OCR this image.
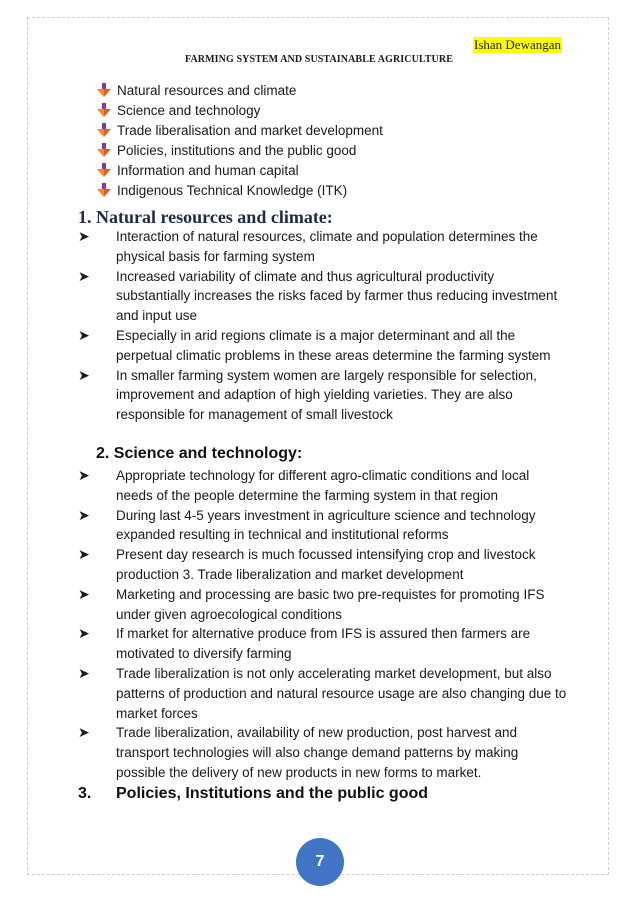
Ishan Dewangan
FARMING SYSTEM AND SUSTAINABLE AGRICULTURE
Natural resources and climate
Science and technology
Trade liberalisation and market development
Policies, institutions and the public good
Information and human capital
Indigenous Technical Knowledge (ITK)
1. Natural resources and climate:
➤	Interaction of natural resources, climate and population determines the physical basis for farming system
➤	Increased variability of climate and thus agricultural productivity substantially increases the risks faced by farmer thus reducing investment and input use
➤	Especially in arid regions climate is a major determinant and all the perpetual climatic problems in these areas determine the farming system
➤	In smaller farming system women are largely responsible for selection, improvement and adaption of high yielding varieties. They are also responsible for management of small livestock
2. Science and technology:
➤	Appropriate technology for different agro-climatic conditions and local needs of the people determine the farming system in that region
➤	During last 4-5 years investment in agriculture science and technology expanded resulting in technical and institutional reforms
➤	Present day research is much focussed intensifying crop and livestock production 3. Trade liberalization and market development
➤	Marketing and processing are basic two pre-requistes for promoting IFS under given agroecological conditions
➤	If market for alternative produce from IFS is assured then farmers are motivated to diversify farming
➤	Trade liberalization is not only accelerating market development, but also patterns of production and natural resource usage are also changing due to market forces
➤	Trade liberalization, availability of new production, post harvest and transport technologies will also change demand patterns by making possible the delivery of new products in new forms to market.
3.	Policies, Institutions and the public good
7
